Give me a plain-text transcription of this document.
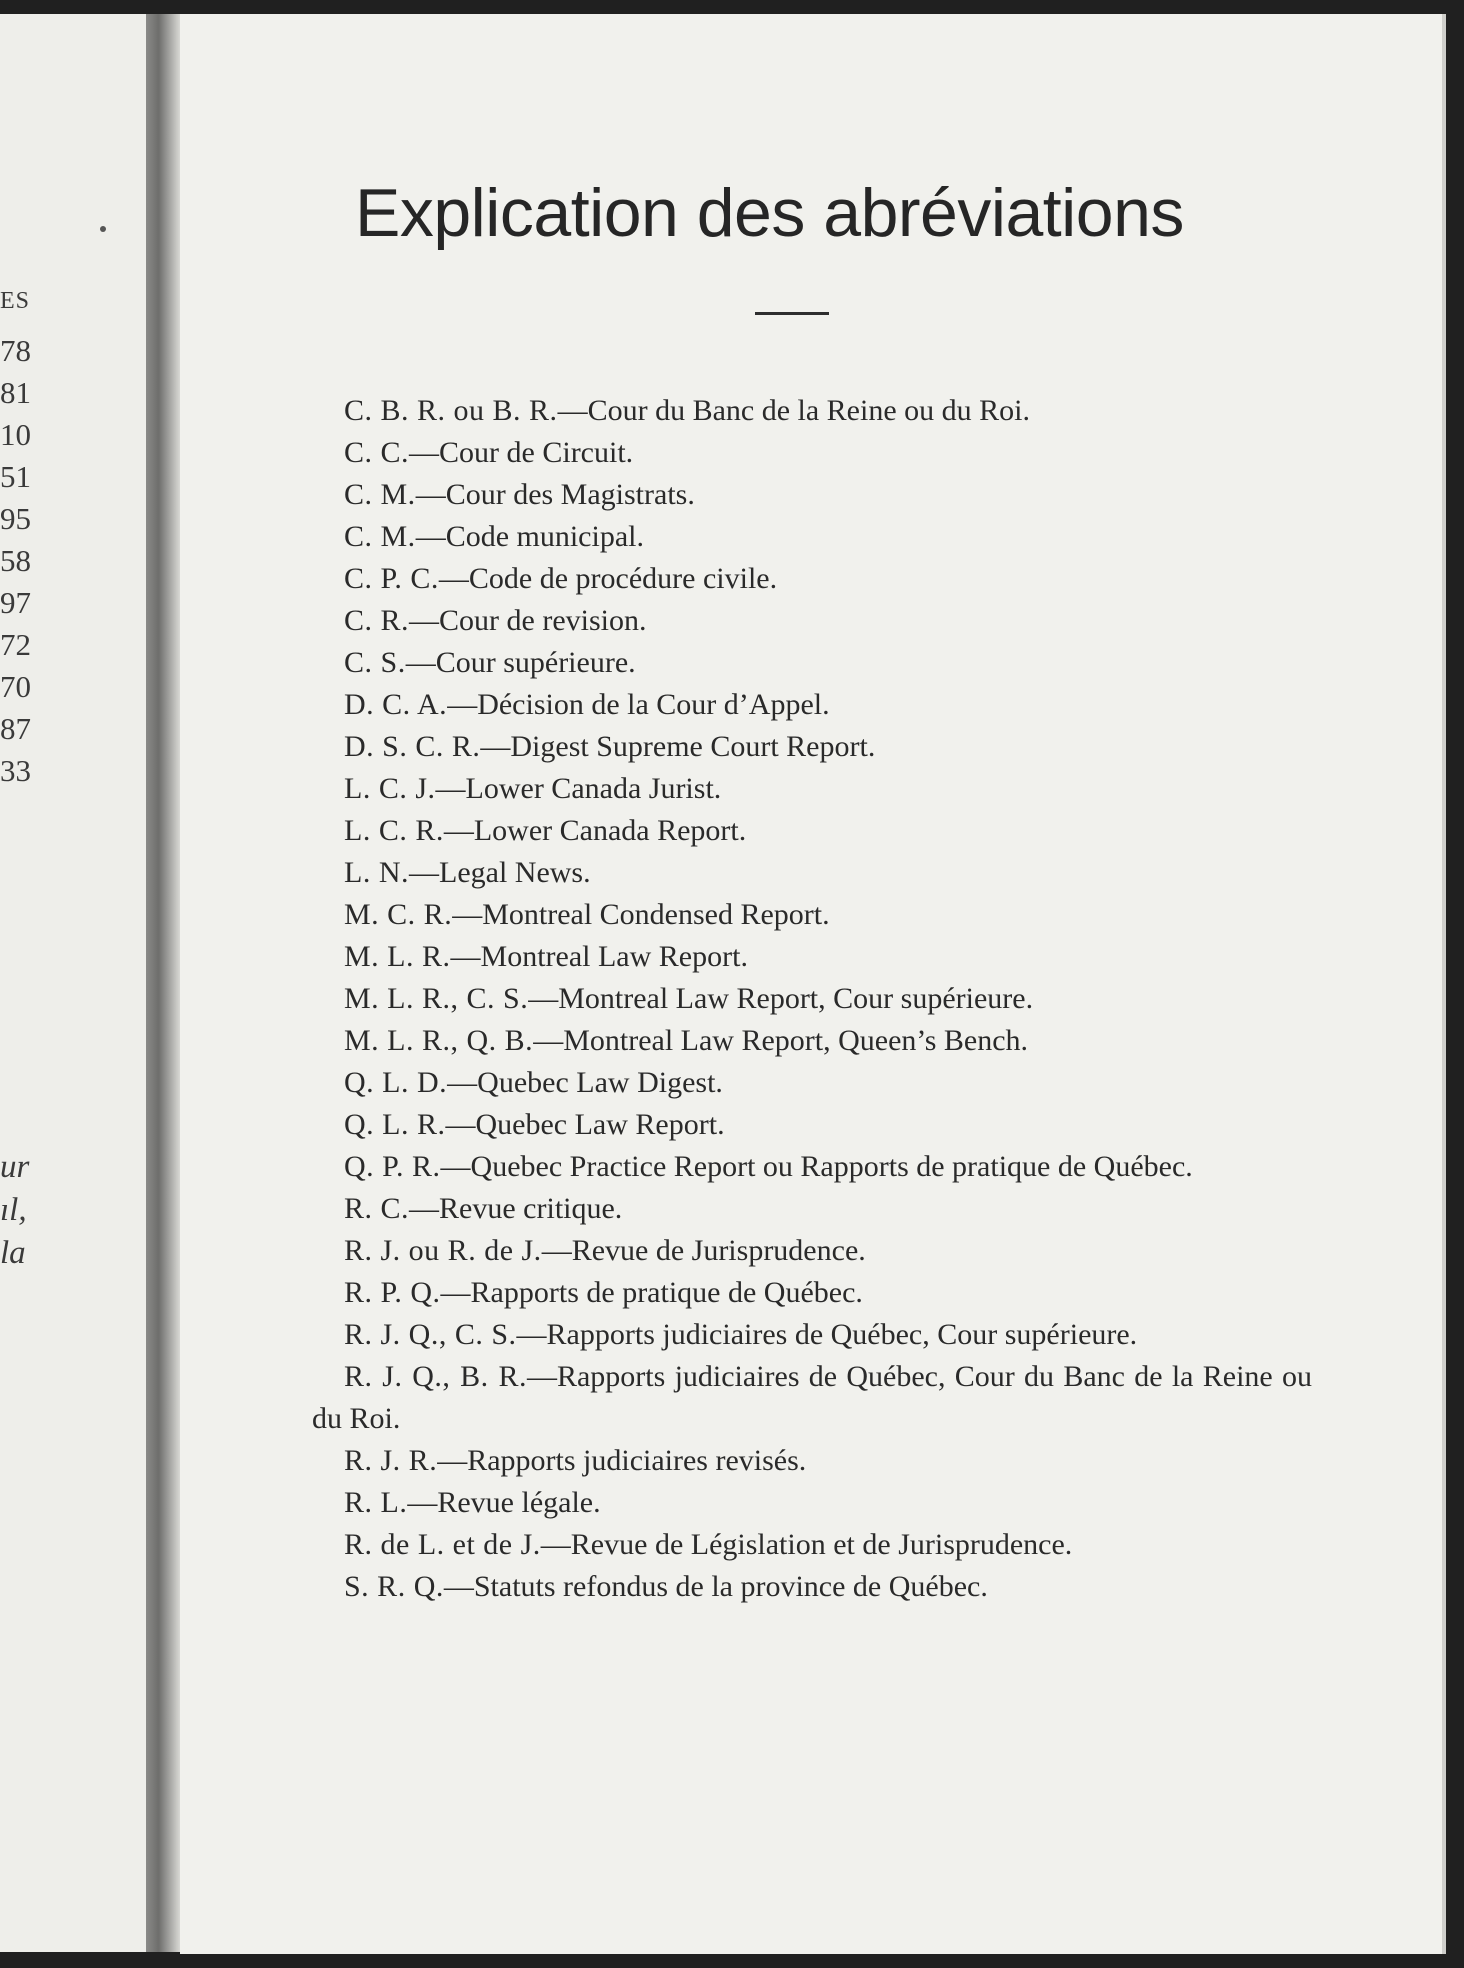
ES
78
81
10
51
95
58
97
72
70
87
33
ur
ıl,
la
Explication des abréviations
C. B. R. ou B. R.—Cour du Banc de la Reine ou du Roi.
C. C.—Cour de Circuit.
C. M.—Cour des Magistrats.
C. M.—Code municipal.
C. P. C.—Code de procédure civile.
C. R.—Cour de revision.
C. S.—Cour supérieure.
D. C. A.—Décision de la Cour d’Appel.
D. S. C. R.—Digest Supreme Court Report.
L. C. J.—Lower Canada Jurist.
L. C. R.—Lower Canada Report.
L. N.—Legal News.
M. C. R.—Montreal Condensed Report.
M. L. R.—Montreal Law Report.
M. L. R., C. S.—Montreal Law Report, Cour supérieure.
M. L. R., Q. B.—Montreal Law Report, Queen’s Bench.
Q. L. D.—Quebec Law Digest.
Q. L. R.—Quebec Law Report.
Q. P. R.—Quebec Practice Report ou Rapports de pratique de Québec.
R. C.—Revue critique.
R. J. ou R. de J.—Revue de Jurisprudence.
R. P. Q.—Rapports de pratique de Québec.
R. J. Q., C. S.—Rapports judiciaires de Québec, Cour supérieure.
R. J. Q., B. R.—Rapports judiciaires de Québec, Cour du Banc de la Reine ou du Roi.
R. J. R.—Rapports judiciaires revisés.
R. L.—Revue légale.
R. de L. et de J.—Revue de Législation et de Jurisprudence.
S. R. Q.—Statuts refondus de la province de Québec.
